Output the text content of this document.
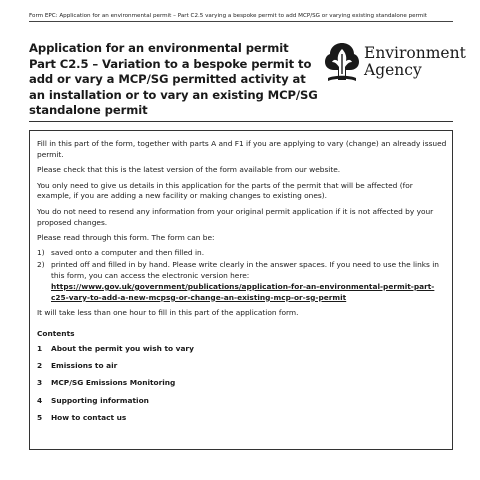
Form EPC: Application for an environmental permit – Part C2.5 varying a bespoke permit to add MCP/SG or varying existing standalone permit
Application for an environmental permit Part C2.5 – Variation to a bespoke permit to add or vary a MCP/SG permitted activity at an installation or to vary an existing MCP/SG standalone permit
Environment
Agency

Fill in this part of the form, together with parts A and F1 if you are applying to vary (change) an already issued permit.

Please check that this is the latest version of the form available from our website.

You only need to give us details in this application for the parts of the permit that will be affected (for example, if you are adding a new facility or making changes to existing ones).

You do not need to resend any information from your original permit application if it is not affected by your proposed changes.

Please read through this form. The form can be:

1) saved onto a computer and then filled in.
2) printed off and filled in by hand. Please write clearly in the answer spaces. If you need to use the links in this form, you can access the electronic version here:
https://www.gov.uk/government/publications/application-for-an-environmental-permit-part-c25-vary-to-add-a-new-mcpsg-or-change-an-existing-mcp-or-sg-permit

It will take less than one hour to fill in this part of the application form.

Contents
1	About the permit you wish to vary
2	Emissions to air
3	MCP/SG Emissions Monitoring
4	Supporting information
5	How to contact us
